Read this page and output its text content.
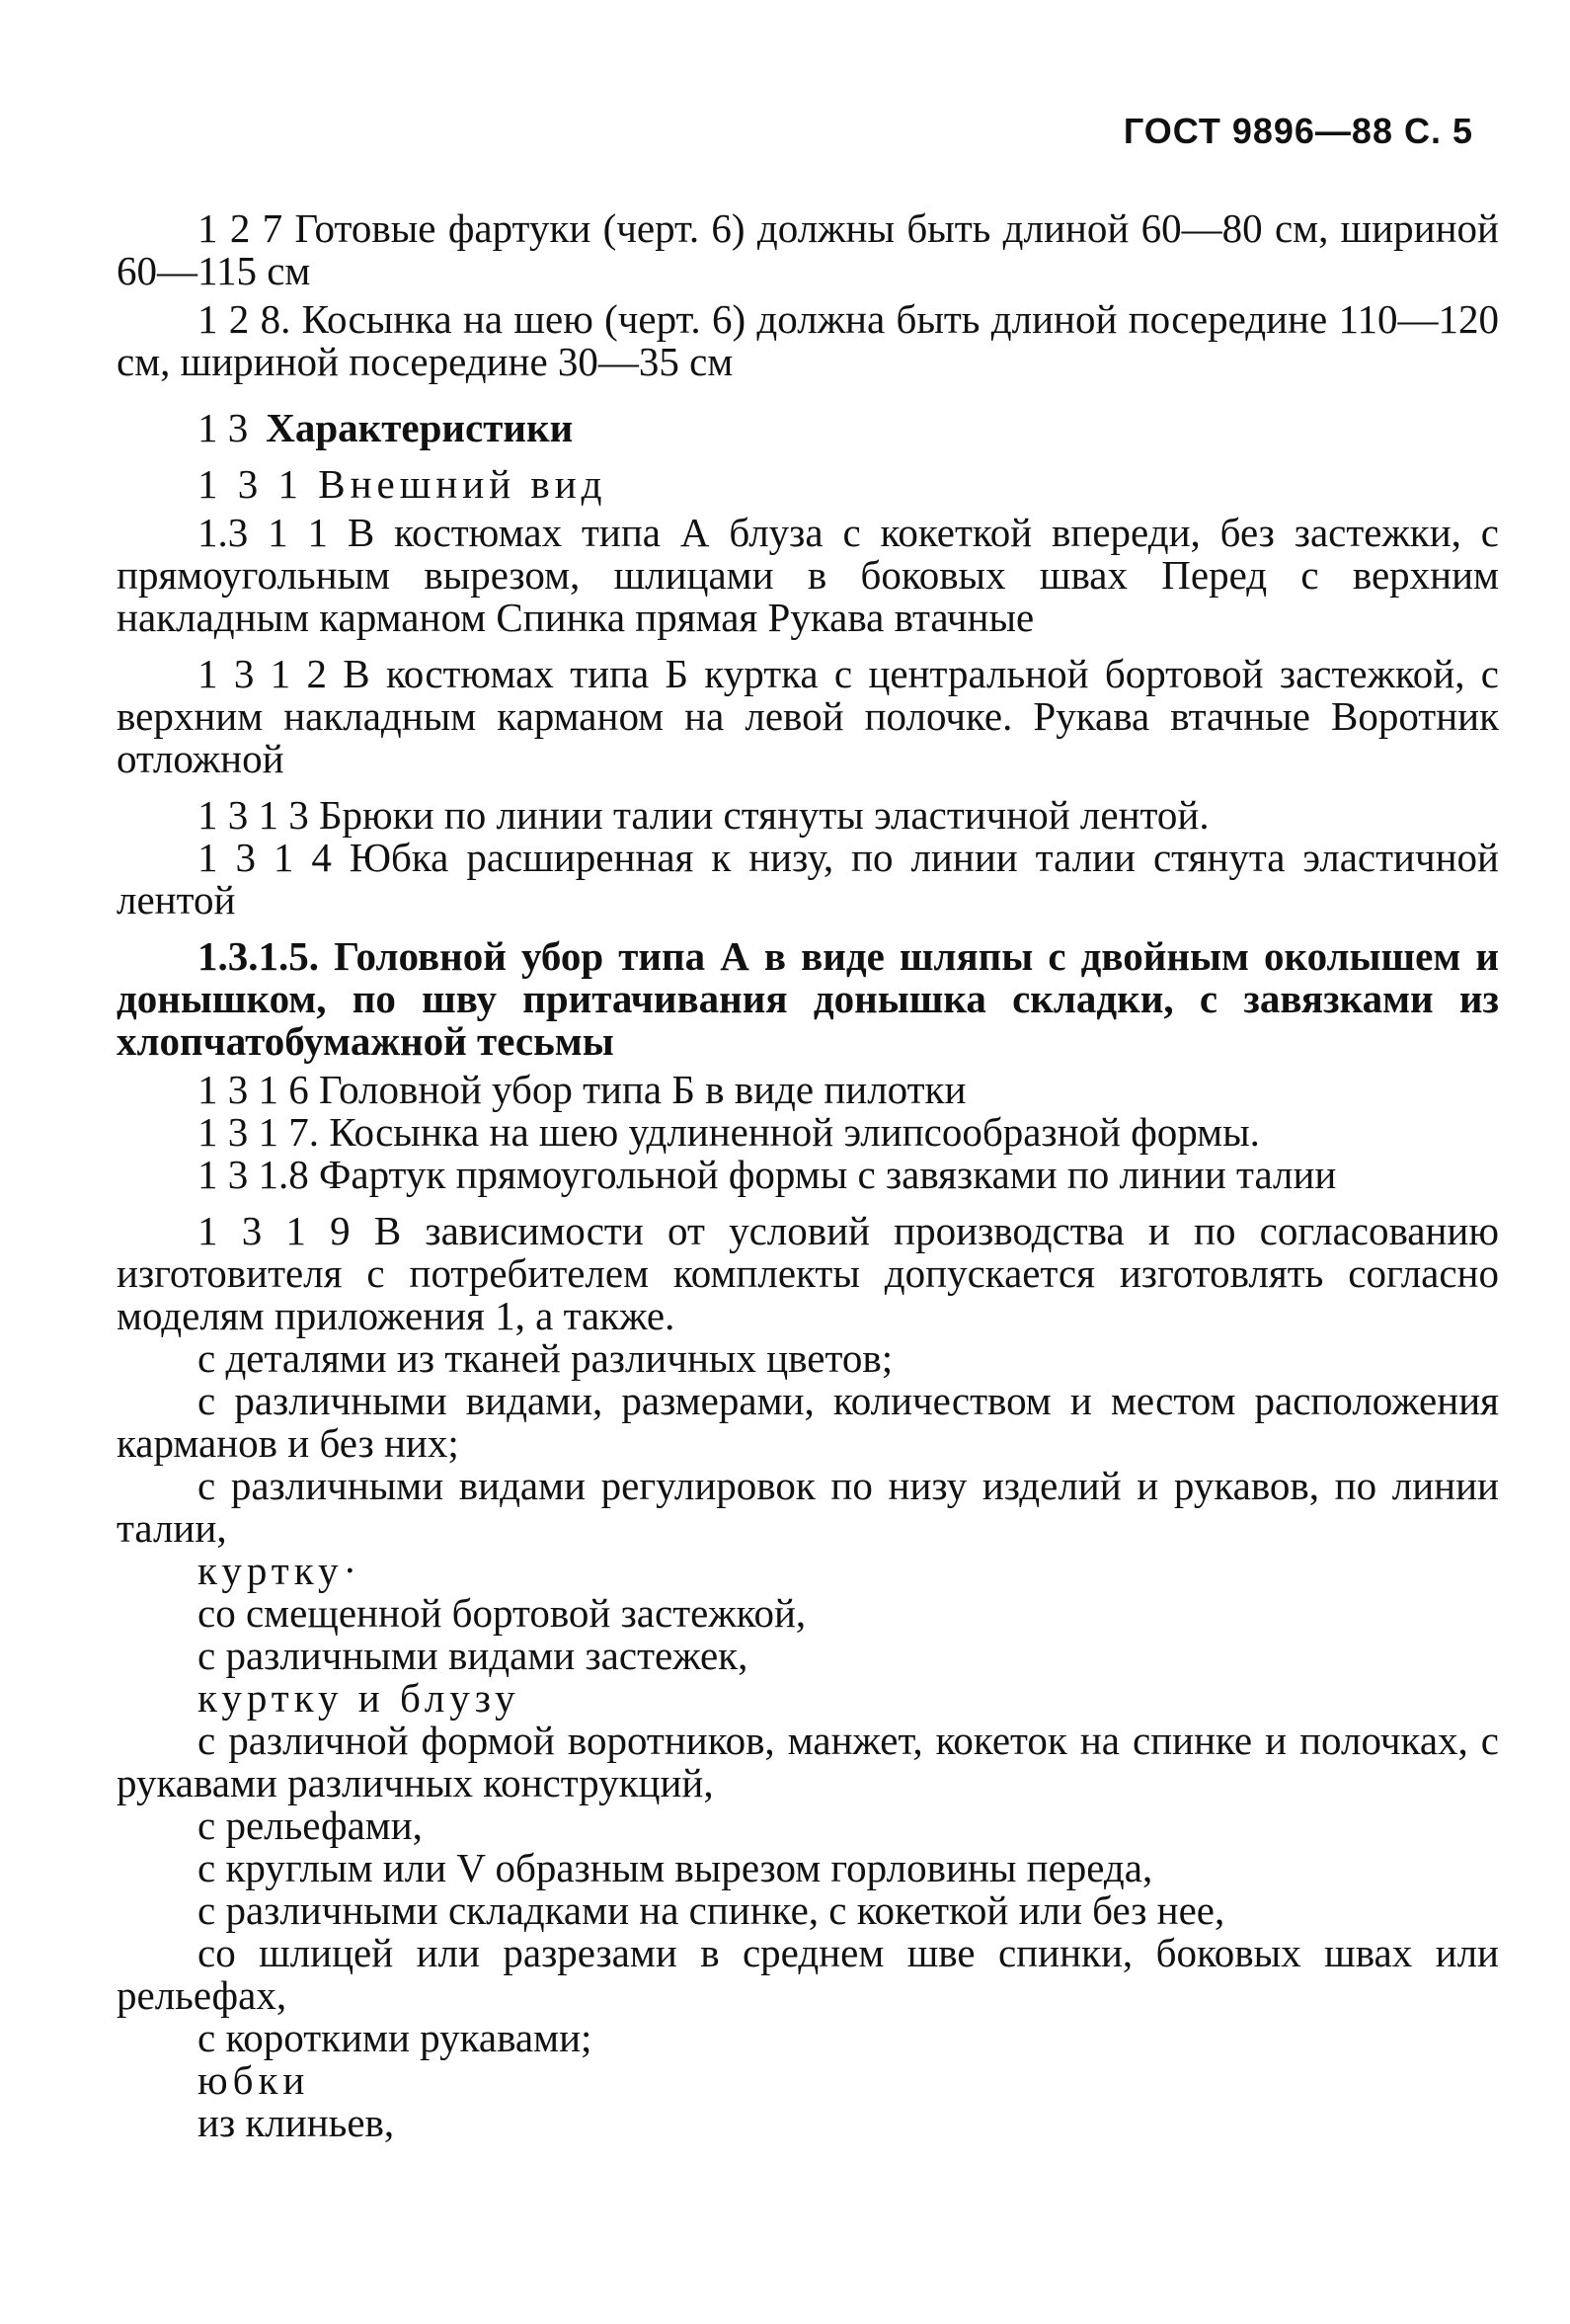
ГОСТ 9896—88 С. 5

1 2 7 Готовые фартуки (черт. 6) должны быть длиной 60—80 см, шириной 60—115 см

1 2 8. Косынка на шею (черт. 6) должна быть длиной посередине 110—120 см, шириной посередине 30—35 см

1 3 Характеристики

1 3 1 Внешний вид

1.3 1 1 В костюмах типа А блуза с кокеткой впереди, без застежки, с прямоугольным вырезом, шлицами в боковых швах Перед с верхним накладным карманом Спинка прямая Рукава втачные

1 3 1 2 В костюмах типа Б куртка с центральной бортовой застежкой, с верхним накладным карманом на левой полочке. Рукава втачные Воротник отложной

1 3 1 3 Брюки по линии талии стянуты эластичной лентой.

1 3 1 4 Юбка расширенная к низу, по линии талии стянута эластичной лентой

1.3.1.5. Головной убор типа А в виде шляпы с двойным околышем и донышком, по шву притачивания донышка складки, с завязками из хлопчатобумажной тесьмы

1 3 1 6 Головной убор типа Б в виде пилотки

1 3 1 7. Косынка на шею удлиненной элипсообразной формы.

1 3 1.8 Фартук прямоугольной формы с завязками по линии талии

1 3 1 9 В зависимости от условий производства и по согласованию изготовителя с потребителем комплекты допускается изготовлять согласно моделям приложения 1, а также.

с деталями из тканей различных цветов;

с различными видами, размерами, количеством и местом расположения карманов и без них;

с различными видами регулировок по низу изделий и рукавов, по линии талии,

куртку·

со смещенной бортовой застежкой,

с различными видами застежек,

куртку и блузу

с различной формой воротников, манжет, кокеток на спинке и полочках, с рукавами различных конструкций,

с рельефами,

с круглым или V образным вырезом горловины переда,

с различными складками на спинке, с кокеткой или без нее,

со шлицей или разрезами в среднем шве спинки, боковых швах или рельефах,

с короткими рукавами;

юбки

из клиньев,
